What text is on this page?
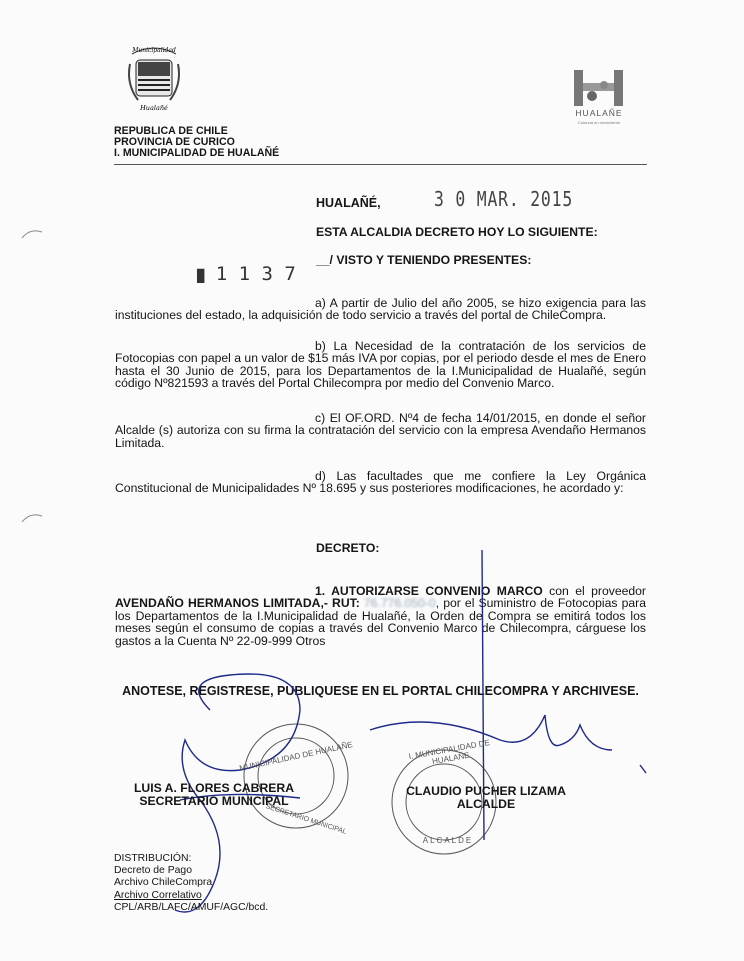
Municipalidad
Hualañé	HUALAÑE
Comuna en movimiento
REPUBLICA DE CHILE
PROVINCIA DE CURICO
I. MUNICIPALIDAD DE HUALAÑÉ
HUALAÑÉ,	3 0 MAR. 2015
ESTA ALCALDIA DECRETO HOY LO SIGUIENTE:
__/ VISTO Y TENIENDO PRESENTES:
█ 1 1 3 7
a) A partir de Julio del año 2005, se hizo exigencia para las instituciones del estado, la adquisición de todo servicio a través del portal de ChileCompra.
b) La Necesidad de la contratación de los servicios de Fotocopias con papel a un valor de $15 más IVA por copias, por el periodo desde el mes de Enero hasta el 30 Junio de 2015, para los Departamentos de la I.Municipalidad de Hualañé, según código Nº821593 a través del Portal Chilecompra por medio del Convenio Marco.
c) El OF.ORD. Nº4 de fecha 14/01/2015, en donde el señor Alcalde (s) autoriza con su firma la contratación del servicio con la empresa Avendaño Hermanos Limitada.
d) Las facultades que me confiere la Ley Orgánica Constitucional de Municipalidades Nº 18.695 y sus posteriores modificaciones, he acordado y:
DECRETO:
1. AUTORIZARSE CONVENIO MARCO con el proveedor AVENDAÑO HERMANOS LIMITADA,- RUT: 76.776.050-0, por el Suministro de Fotocopias para los Departamentos de la I.Municipalidad de Hualañé, la Orden de Compra se emitirá todos los meses según el consumo de copias a través del Convenio Marco de Chilecompra, cárguese los gastos a la Cuenta Nº 22-09-999 Otros
ANOTESE, REGISTRESE, PUBLIQUESE EN EL PORTAL CHILECOMPRA Y ARCHIVESE.
MUNICIPALIDAD DE HUALAÑE
SECRETARIO MUNICIPAL
I. MUNICIPALIDAD DE HUALAÑE
ALCALDE
LUIS A. FLORES CABRERA
SECRETARIO MUNICIPAL
CLAUDIO PUCHER LIZAMA
ALCALDE
DISTRIBUCIÓN:
Decreto de Pago
Archivo ChileCompra
Archivo Correlativo
CPL/ARB/LAFC/AMUF/AGC/bcd.
